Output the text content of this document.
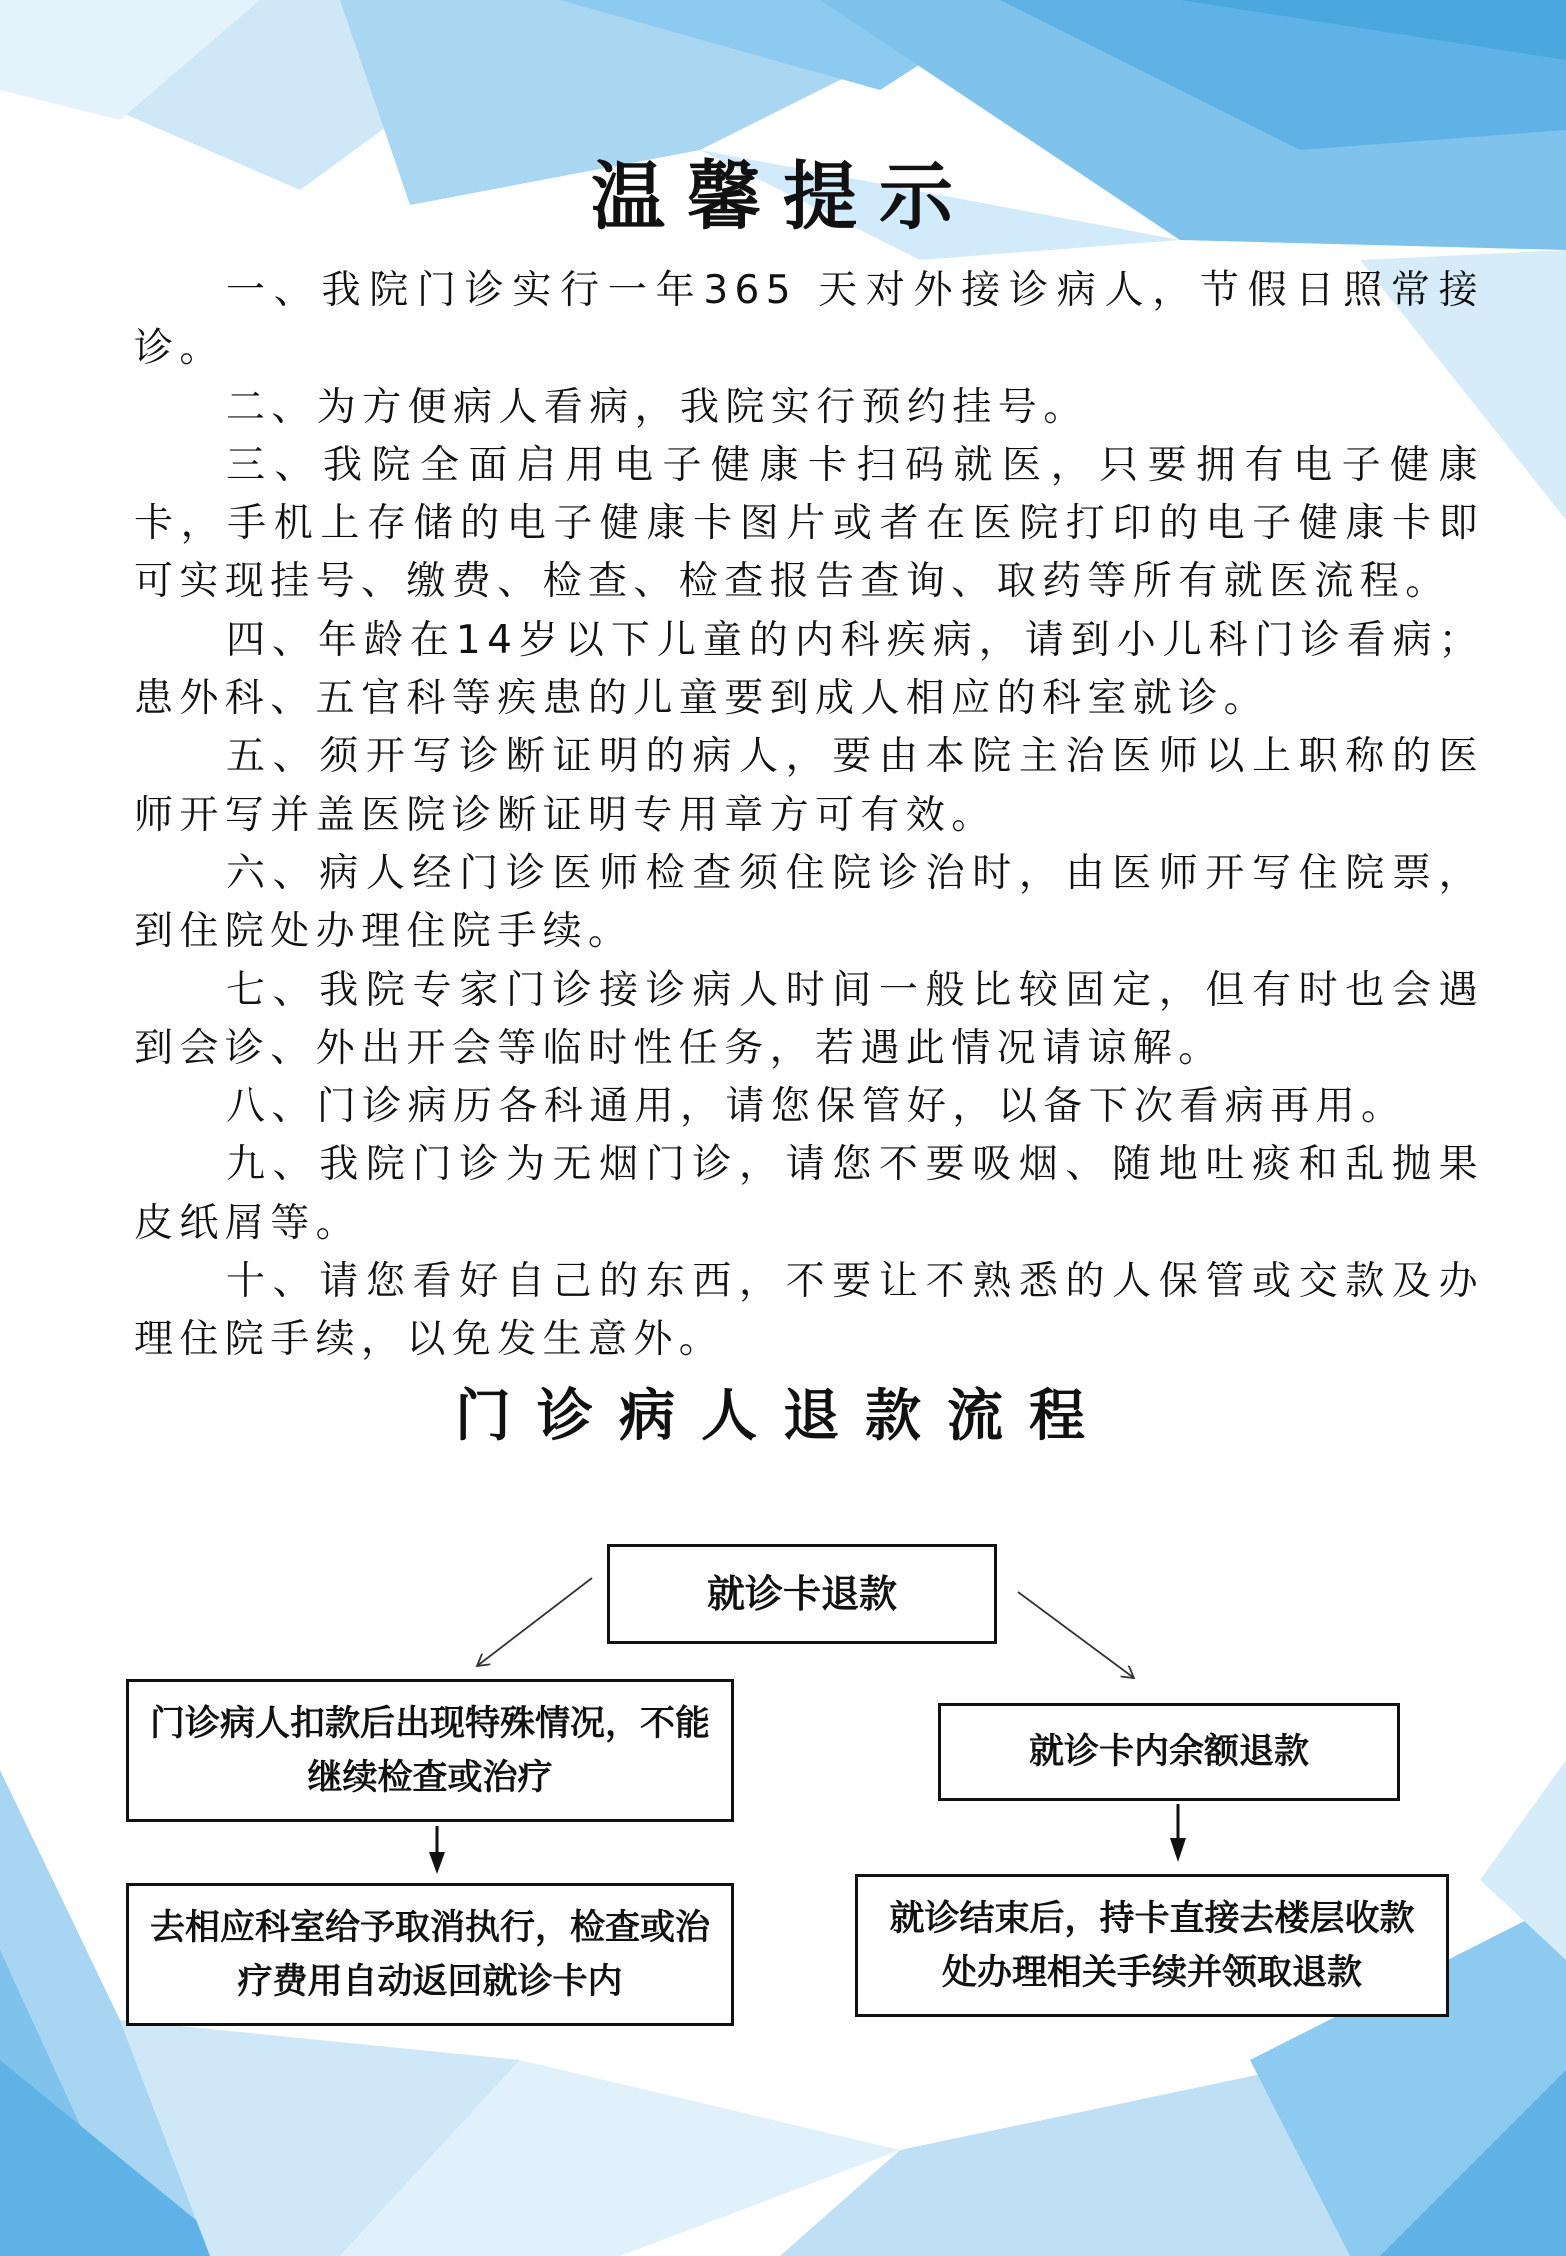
温馨提示

一、我院门诊实行一年365 天对外接诊病人，节假日照常接诊。

二、为方便病人看病，我院实行预约挂号。

三、我院全面启用电子健康卡扫码就医，只要拥有电子健康卡，手机上存储的电子健康卡图片或者在医院打印的电子健康卡即可实现挂号、缴费、检查、检查报告查询、取药等所有就医流程。

四、年龄在14岁以下儿童的内科疾病，请到小儿科门诊看病；患外科、五官科等疾患的儿童要到成人相应的科室就诊。

五、须开写诊断证明的病人，要由本院主治医师以上职称的医师开写并盖医院诊断证明专用章方可有效。

六、病人经门诊医师检查须住院诊治时，由医师开写住院票，到住院处办理住院手续。

七、我院专家门诊接诊病人时间一般比较固定，但有时也会遇到会诊、外出开会等临时性任务，若遇此情况请谅解。

八、门诊病历各科通用，请您保管好，以备下次看病再用。

九、我院门诊为无烟门诊，请您不要吸烟、随地吐痰和乱抛果皮纸屑等。

十、请您看好自己的东西，不要让不熟悉的人保管或交款及办理住院手续，以免发生意外。

门诊病人退款流程
就诊卡退款
门诊病人扣款后出现特殊情况，不能继续检查或治疗
去相应科室给予取消执行，检查或治疗费用自动返回就诊卡内
就诊卡内余额退款
就诊结束后，持卡直接去楼层收款处办理相关手续并领取退款
